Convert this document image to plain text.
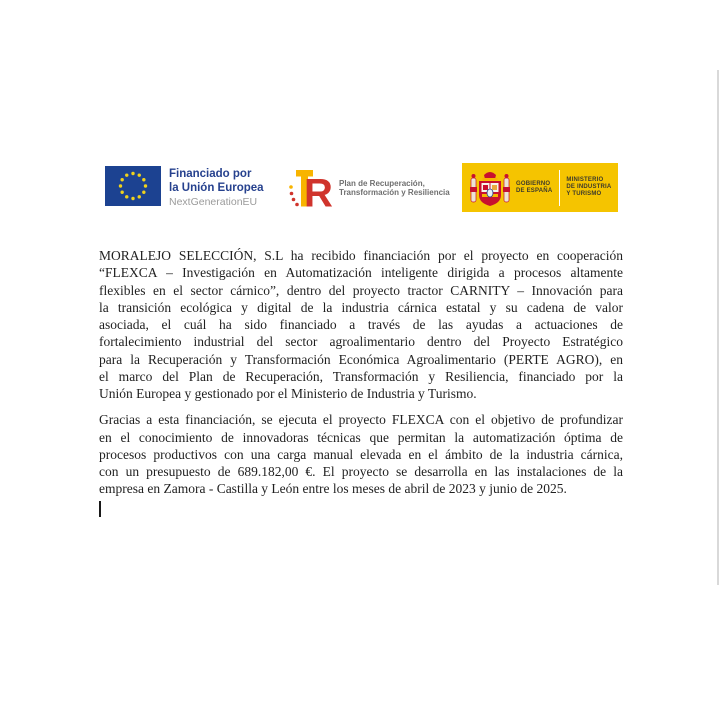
Financiado por
la Unión Europea
NextGenerationEU R Plan de Recuperación,
Transformación y Resiliencia
GOBIERNO
DE ESPAÑA
MINISTERIO
DE INDUSTRIA
Y TURISMO
MORALEJO SELECCIÓN, S.L ha recibido financiación por el proyecto en cooperación
“FLEXCA – Investigación en Automatización inteligente dirigida a procesos altamente
flexibles en el sector cárnico”, dentro del proyecto tractor CARNITY – Innovación para
la transición ecológica y digital de la industria cárnica estatal y su cadena de valor
asociada, el cuál ha sido financiado a través de las ayudas a actuaciones de
fortalecimiento industrial del sector agroalimentario dentro del Proyecto Estratégico
para la Recuperación y Transformación Económica Agroalimentario (PERTE AGRO), en
el marco del Plan de Recuperación, Transformación y Resiliencia, financiado por la
Unión Europea y gestionado por el Ministerio de Industria y Turismo.
Gracias a esta financiación, se ejecuta el proyecto FLEXCA con el objetivo de profundizar
en el conocimiento de innovadoras técnicas que permitan la automatización óptima de
procesos productivos con una carga manual elevada en el ámbito de la industria cárnica,
con un presupuesto de 689.182,00 €. El proyecto se desarrolla en las instalaciones de la
empresa en Zamora - Castilla y León entre los meses de abril de 2023 y junio de 2025.
